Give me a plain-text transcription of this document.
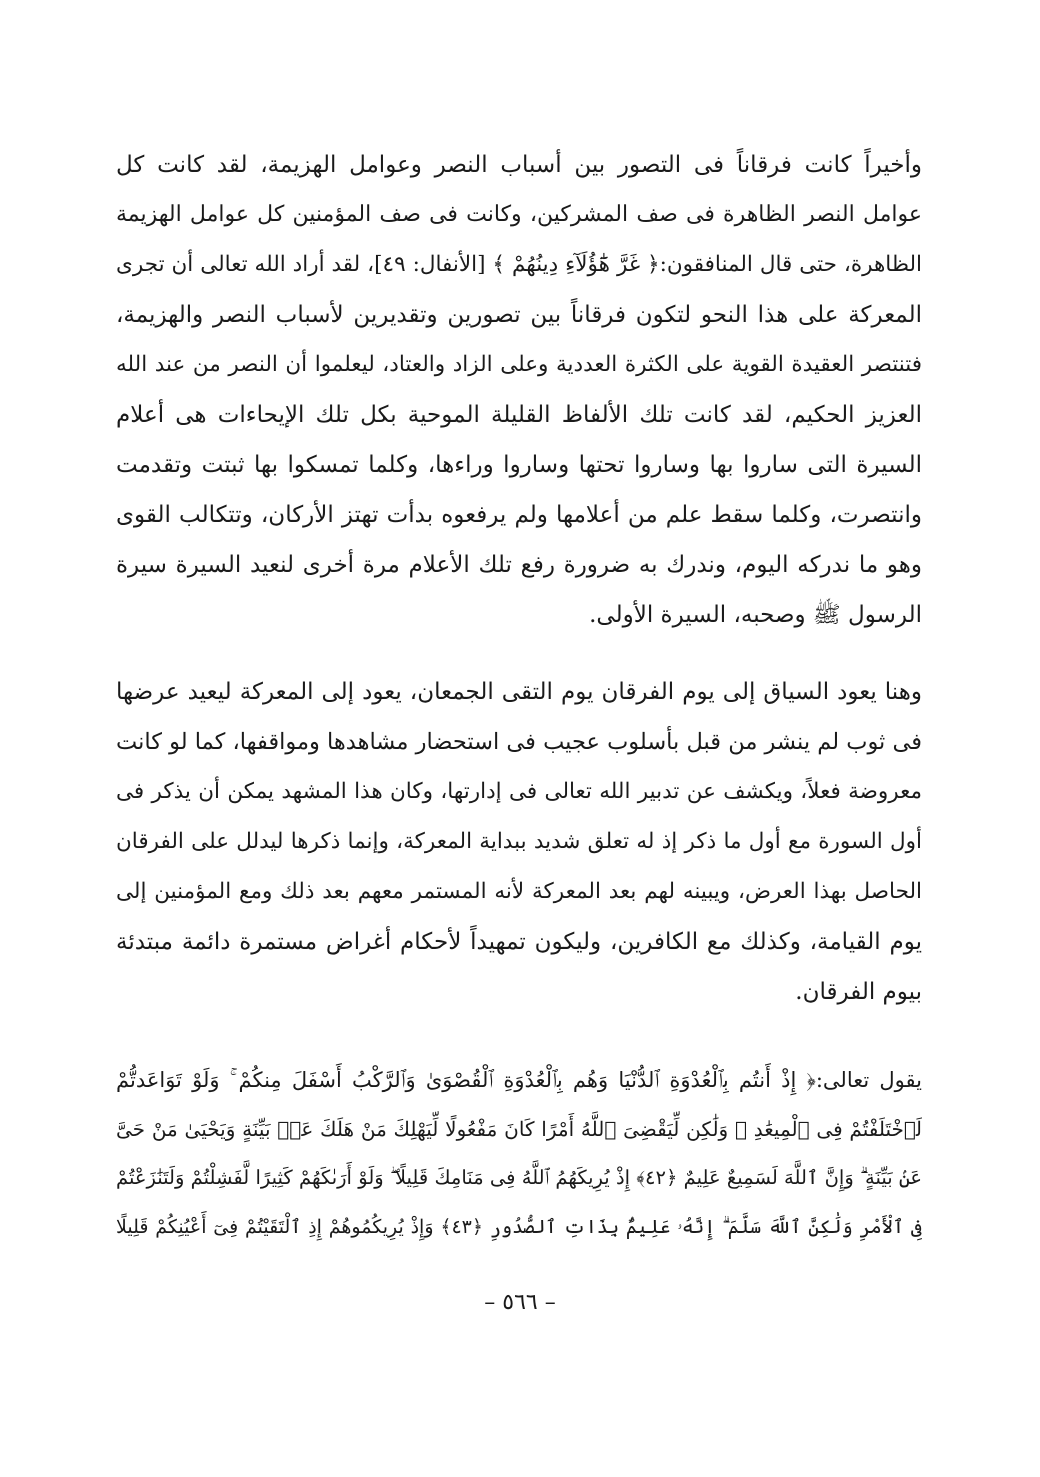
وأخيراً كانت فرقاناً فى التصور بين أسباب النصر وعوامل الهزيمة، لقد كانت كل
عوامل النصر الظاهرة فى صف المشركين، وكانت فى صف المؤمنين كل عوامل الهزيمة
الظاهرة، حتى قال المنافقون:﴿ غَرَّ هَٰٓؤُلَآءِ دِينُهُمْ ﴾ [الأنفال: ٤٩]، لقد أراد الله تعالى أن تجرى
المعركة على هذا النحو لتكون فرقاناً بين تصورين وتقديرين لأسباب النصر والهزيمة،
فتنتصر العقيدة القوية على الكثرة العددية وعلى الزاد والعتاد، ليعلموا أن النصر من عند الله
العزيز الحكيم، لقد كانت تلك الألفاظ القليلة الموحية بكل تلك الإيحاءات هى أعلام
السيرة التى ساروا بها وساروا تحتها وساروا وراءها، وكلما تمسكوا بها ثبتت وتقدمت
وانتصرت، وكلما سقط علم من أعلامها ولم يرفعوه بدأت تهتز الأركان، وتتكالب القوى
وهو ما ندركه اليوم، وندرك به ضرورة رفع تلك الأعلام مرة أخرى لنعيد السيرة سيرة
الرسول ﷺ وصحبه، السيرة الأولى.
وهنا يعود السياق إلى يوم الفرقان يوم التقى الجمعان، يعود إلى المعركة ليعيد عرضها
فى ثوب لم ينشر من قبل بأسلوب عجيب فى استحضار مشاهدها ومواقفها، كما لو كانت
معروضة فعلاً، ويكشف عن تدبير الله تعالى فى إدارتها، وكان هذا المشهد يمكن أن يذكر فى
أول السورة مع أول ما ذكر إذ له تعلق شديد ببداية المعركة، وإنما ذكرها ليدلل على الفرقان
الحاصل بهذا العرض، ويبينه لهم بعد المعركة لأنه المستمر معهم بعد ذلك ومع المؤمنين إلى
يوم القيامة، وكذلك مع الكافرين، وليكون تمهيداً لأحكام أغراض مستمرة دائمة مبتدئة
بيوم الفرقان.
يقول تعالى:﴿ إِذْ أَنتُم بِٱلْعُدْوَةِ ٱلدُّنْيَا وَهُم بِٱلْعُدْوَةِ ٱلْقُصْوَىٰ وَٱلرَّكْبُ أَسْفَلَ مِنكُمْ ۚ وَلَوْ تَوَاعَدتُّمْ
لَٱخْتَلَفْتُمْ فِى ٱلْمِيعَٰدِ ۙ وَلَٰكِن لِّيَقْضِىَ ٱللَّهُ أَمْرًا كَانَ مَفْعُولًا لِّيَهْلِكَ مَنْ هَلَكَ عَنۢ بَيِّنَةٍ وَيَحْيَىٰ مَنْ حَىَّ
عَنۢ بَيِّنَةٍ ۗ وَإِنَّ ٱللَّهَ لَسَمِيعٌ عَلِيمٌ ﴿٤٢﴾ إِذْ يُرِيكَهُمُ ٱللَّهُ فِى مَنَامِكَ قَلِيلًا ۖ وَلَوْ أَرَىٰكَهُمْ كَثِيرًا لَّفَشِلْتُمْ وَلَتَنَٰزَعْتُمْ
فِى ٱلْأَمْرِ وَلَٰكِنَّ ٱللَّهَ سَلَّمَ ۗ إِنَّهُۥ عَلِيمٌۢ بِذَاتِ ٱلصُّدُورِ ﴿٤٣﴾ وَإِذْ يُرِيكُمُوهُمْ إِذِ ٱلْتَقَيْتُمْ فِىٓ أَعْيُنِكُمْ قَلِيلًا
– ٥٦٦ –
